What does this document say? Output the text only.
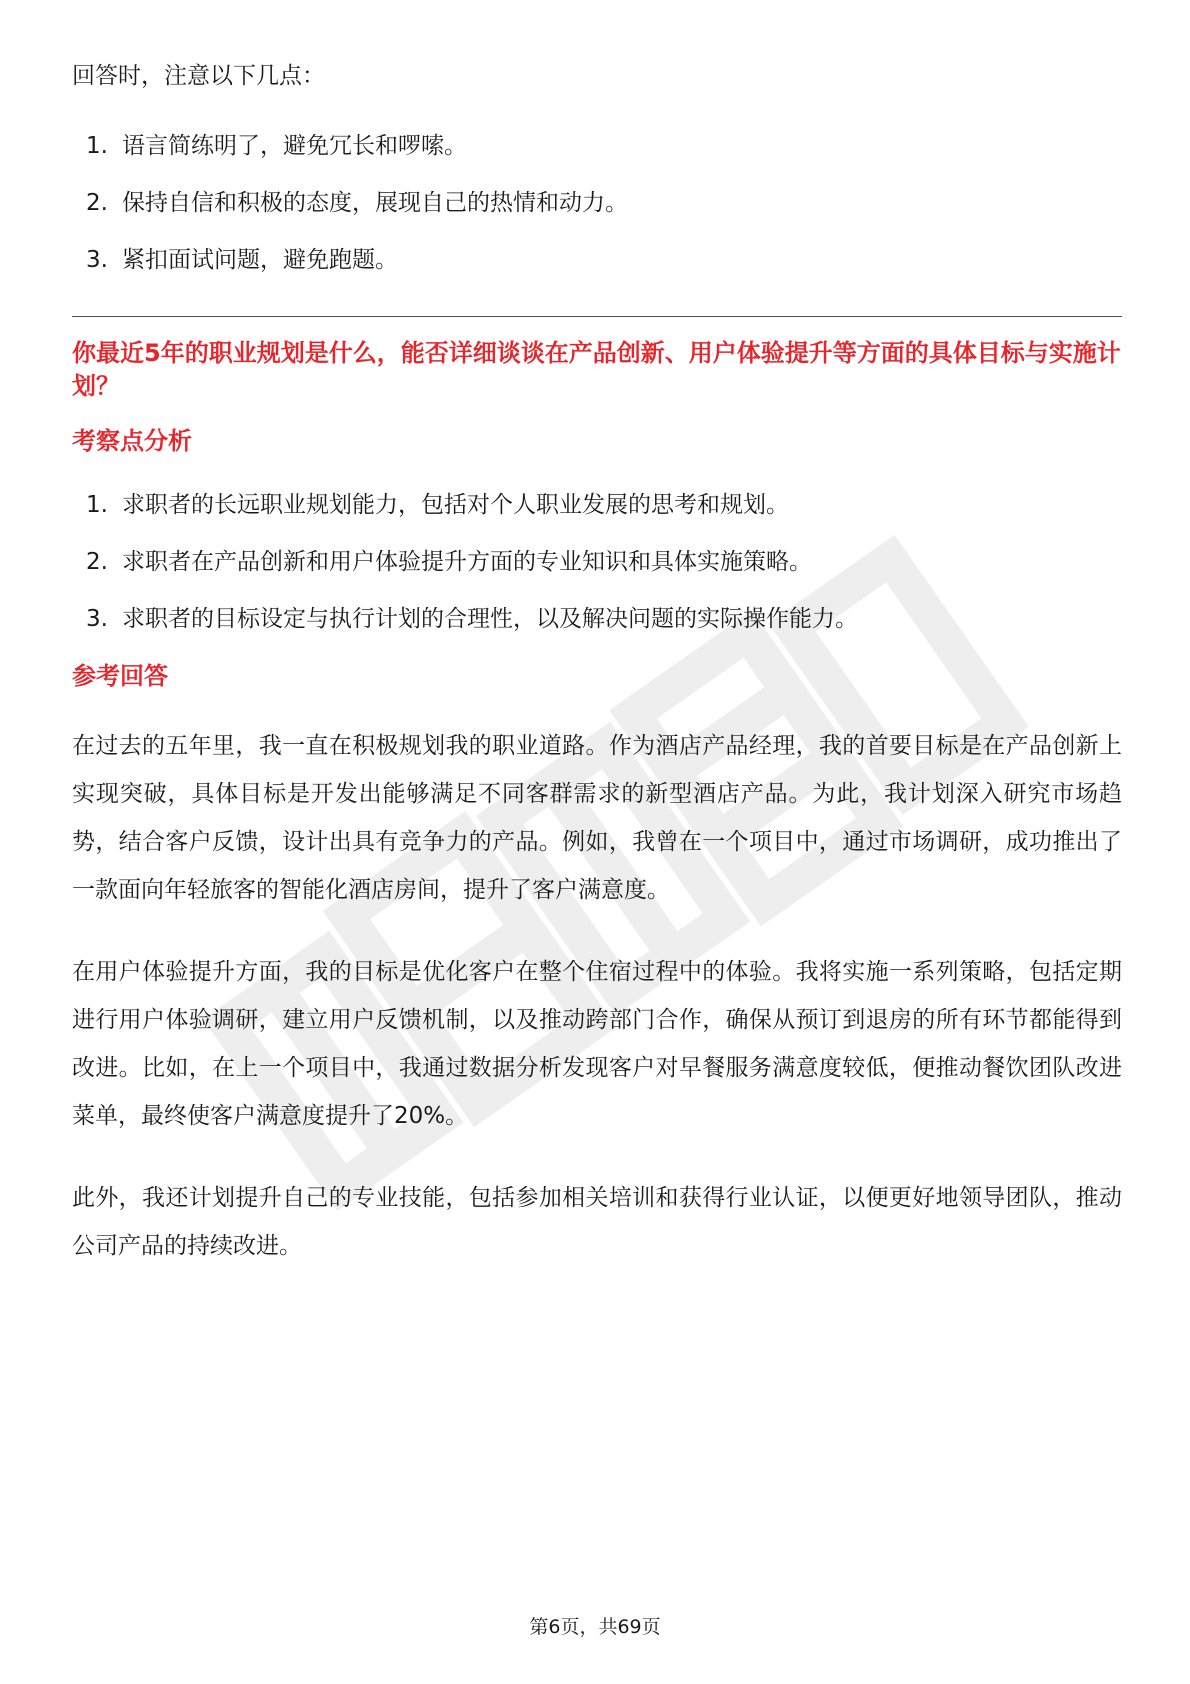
回答时，注意以下几点：

1. 语言简练明了，避免冗长和啰嗦。
2. 保持自信和积极的态度，展现自己的热情和动力。
3. 紧扣面试问题，避免跑题。
你最近5年的职业规划是什么，能否详细谈谈在产品创新、用户体验提升等方面的具体目标与实施计划？
考察点分析
1. 求职者的长远职业规划能力，包括对个人职业发展的思考和规划。
2. 求职者在产品创新和用户体验提升方面的专业知识和具体实施策略。
3. 求职者的目标设定与执行计划的合理性，以及解决问题的实际操作能力。
参考回答

在过去的五年里，我一直在积极规划我的职业道路。作为酒店产品经理，我的首要目标是在产品创新上实现突破，具体目标是开发出能够满足不同客群需求的新型酒店产品。为此，我计划深入研究市场趋势，结合客户反馈，设计出具有竞争力的产品。例如，我曾在一个项目中，通过市场调研，成功推出了一款面向年轻旅客的智能化酒店房间，提升了客户满意度。

在用户体验提升方面，我的目标是优化客户在整个住宿过程中的体验。我将实施一系列策略，包括定期进行用户体验调研，建立用户反馈机制，以及推动跨部门合作，确保从预订到退房的所有环节都能得到改进。比如，在上一个项目中，我通过数据分析发现客户对早餐服务满意度较低，便推动餐饮团队改进菜单，最终使客户满意度提升了20%。

此外，我还计划提升自己的专业技能，包括参加相关培训和获得行业认证，以便更好地领导团队，推动公司产品的持续改进。

第6页，共69页
